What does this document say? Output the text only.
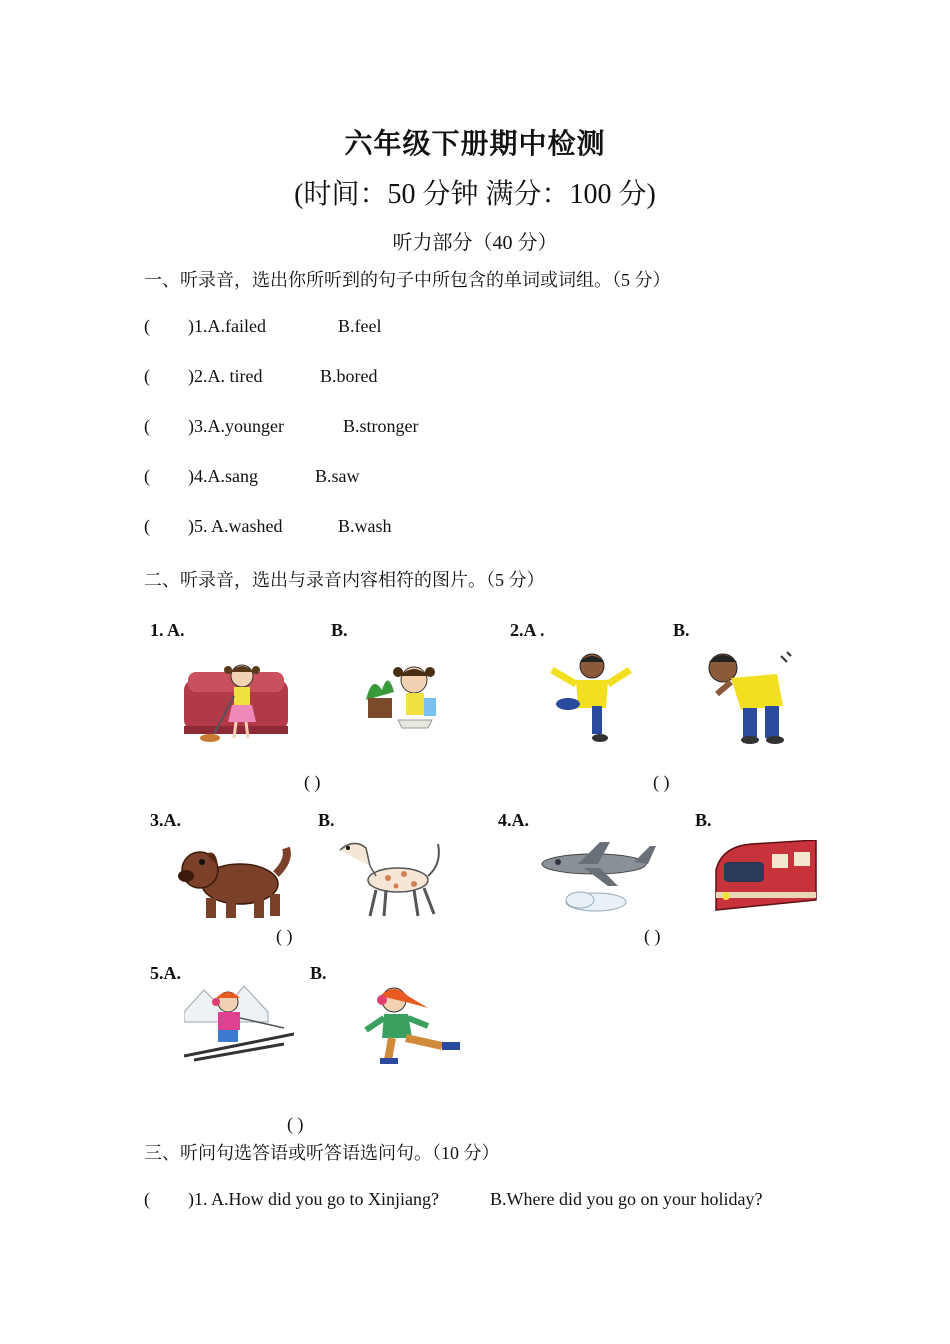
六年级下册期中检测
(时间：50 分钟 满分：100 分)
听力部分（40 分）
一、听录音，选出你所听到的句子中所包含的单词或词组。（5 分）
( )1.A.failed	B.feel
( )2.A. tired	B.bored
( )3.A.younger	B.stronger
( )4.A.sang	B.saw
( )5. A.washed	B.wash
二、听录音，选出与录音内容相符的图片。（5 分）
1. A.	B.	2.A .	B.
( )	( )
3.A.	B.	4.A.	B.
( )	( )
5.A.	B.
( )
三、听问句选答语或听答语选问句。（10 分）
( )1. A.How did you go to Xinjiang?	B.Where did you go on your holiday?
